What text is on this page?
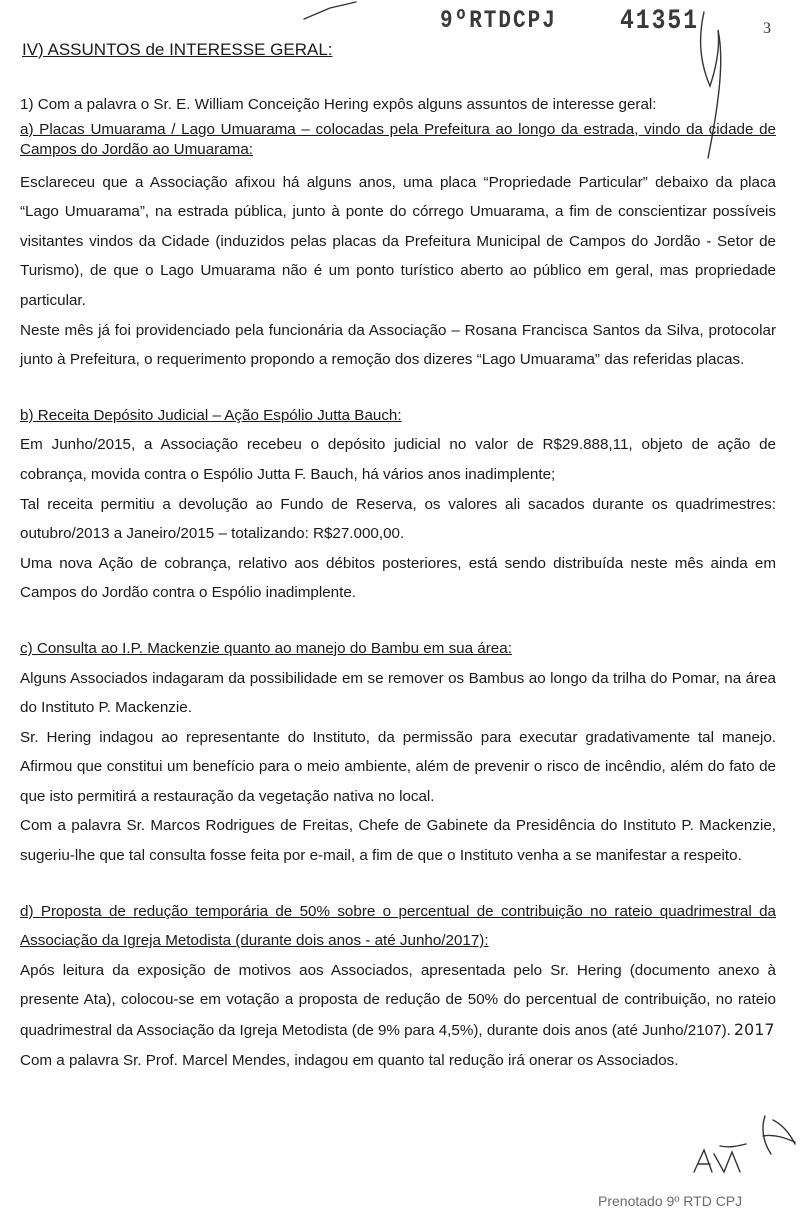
9ºRTDCPJ	41351	3
IV) ASSUNTOS de INTERESSE GERAL:

1) Com a palavra o Sr. E. William Conceição Hering expôs alguns assuntos de interesse geral:

a) Placas Umuarama / Lago Umuarama – colocadas pela Prefeitura ao longo da estrada, vindo da cidade de Campos do Jordão ao Umuarama:

Esclareceu que a Associação afixou há alguns anos, uma placa “Propriedade Particular” debaixo da placa “Lago Umuarama”, na estrada pública, junto à ponte do córrego Umuarama, a fim de conscientizar possíveis visitantes vindos da Cidade (induzidos pelas placas da Prefeitura Municipal de Campos do Jordão - Setor de Turismo), de que o Lago Umuarama não é um ponto turístico aberto ao público em geral, mas propriedade particular.

Neste mês já foi providenciado pela funcionária da Associação – Rosana Francisca Santos da Silva, protocolar junto à Prefeitura, o requerimento propondo a remoção dos dizeres “Lago Umuarama” das referidas placas.

b) Receita Depósito Judicial – Ação Espólio Jutta Bauch:

Em Junho/2015, a Associação recebeu o depósito judicial no valor de R$29.888,11, objeto de ação de cobrança, movida contra o Espólio Jutta F. Bauch, há vários anos inadimplente;

Tal receita permitiu a devolução ao Fundo de Reserva, os valores ali sacados durante os quadrimestres: outubro/2013 a Janeiro/2015 – totalizando: R$27.000,00.

Uma nova Ação de cobrança, relativo aos débitos posteriores, está sendo distribuída neste mês ainda em Campos do Jordão contra o Espólio inadimplente.

c) Consulta ao I.P. Mackenzie quanto ao manejo do Bambu em sua área:

Alguns Associados indagaram da possibilidade em se remover os Bambus ao longo da trilha do Pomar, na área do Instituto P. Mackenzie.

Sr. Hering indagou ao representante do Instituto, da permissão para executar gradativamente tal manejo. Afirmou que constitui um benefício para o meio ambiente, além de prevenir o risco de incêndio, além do fato de que isto permitirá a restauração da vegetação nativa no local.

Com a palavra Sr. Marcos Rodrigues de Freitas, Chefe de Gabinete da Presidência do Instituto P. Mackenzie, sugeriu-lhe que tal consulta fosse feita por e-mail, a fim de que o Instituto venha a se manifestar a respeito.

d) Proposta de redução temporária de 50% sobre o percentual de contribuição no rateio quadrimestral da Associação da Igreja Metodista (durante dois anos - até Junho/2017):

Após leitura da exposição de motivos aos Associados, apresentada pelo Sr. Hering (documento anexo à presente Ata), colocou-se em votação a proposta de redução de 50% do percentual de contribuição, no rateio quadrimestral da Associação da Igreja Metodista (de 9% para 4,5%), durante dois anos (até Junho/2107). 2017

Com a palavra Sr. Prof. Marcel Mendes, indagou em quanto tal redução irá onerar os Associados.

Prenotado 9º RTD CPJ
